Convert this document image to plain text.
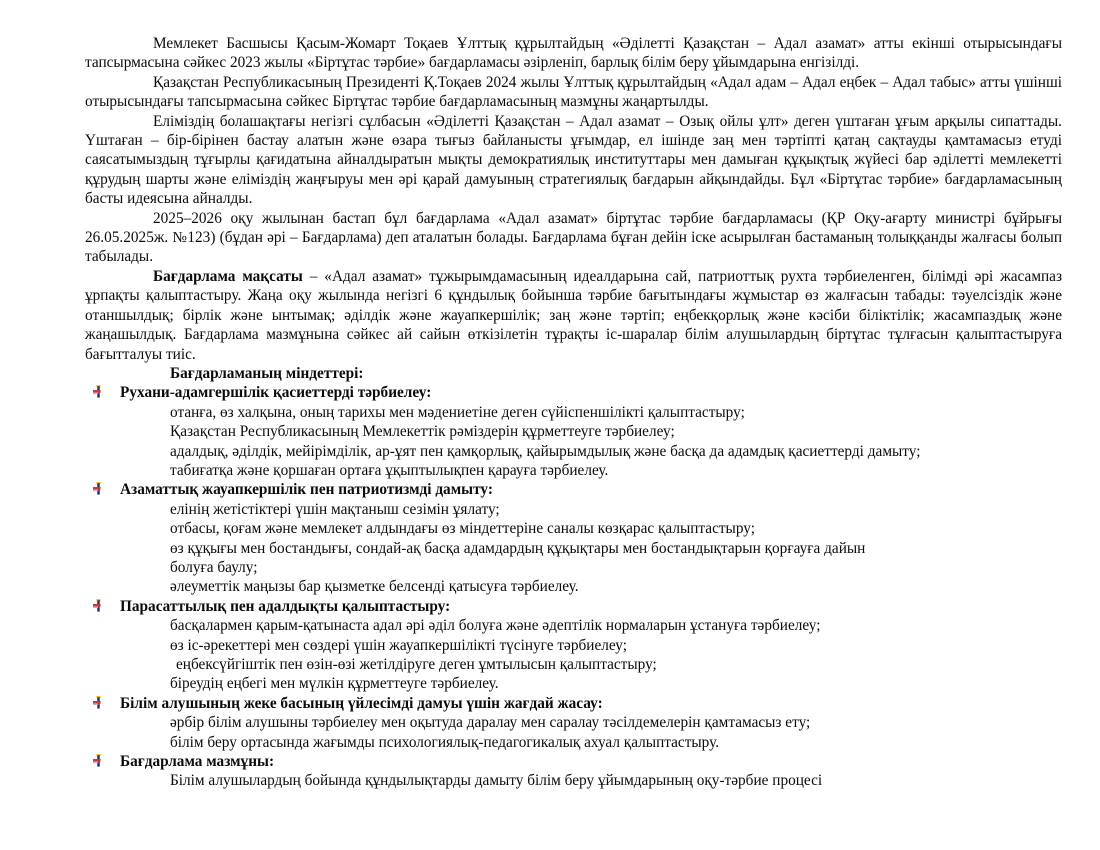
Мемлекет Басшысы Қасым-Жомарт Тоқаев Ұлттық құрылтайдың «Әділетті Қазақстан – Адал азамат» атты екінші отырысындағы тапсырмасына сәйкес 2023 жылы «Біртұтас тәрбие» бағдарламасы әзірленіп, барлық білім беру ұйымдарына енгізілді.

Қазақстан Республикасының Президенті Қ.Тоқаев 2024 жылы Ұлттық құрылтайдың «Адал адам – Адал еңбек – Адал табыс» атты үшінші отырысындағы тапсырмасына сәйкес Біртұтас тәрбие бағдарламасының мазмұны жаңартылды.

Еліміздің болашақтағы негізгі сұлбасын «Әділетті Қазақстан – Адал азамат – Озық ойлы ұлт» деген үштаған ұғым арқылы сипаттады. Үштаған – бір-бірінен бастау алатын және өзара тығыз байланысты ұғымдар, ел ішінде заң мен тәртіпті қатаң сақтауды қамтамасыз етуді саясатымыздың тұғырлы қағидатына айналдыратын мықты демократиялық институттары мен дамыған құқықтық жүйесі бар әділетті мемлекетті құрудың шарты және еліміздің жаңғыруы мен әрі қарай дамуының стратегиялық бағдарын айқындайды. Бұл «Біртұтас тәрбие» бағдарламасының басты идеясына айналды.

2025–2026 оқу жылынан бастап бұл бағдарлама «Адал азамат» біртұтас тәрбие бағдарламасы (ҚР Оқу-ағарту министрі бұйрығы 26.05.2025ж. №123) (бұдан әрі – Бағдарлама) деп аталатын болады. Бағдарлама бұған дейін іске асырылған бастаманың толыққанды жалғасы болып табылады.

Бағдарлама мақсаты – «Адал азамат» тұжырымдамасының идеалдарына сай, патриоттық рухта тәрбиеленген, білімді әрі жасампаз ұрпақты қалыптастыру. Жаңа оқу жылында негізгі 6 құндылық бойынша тәрбие бағытындағы жұмыстар өз жалғасын табады: тәуелсіздік және отаншылдық; бірлік және ынтымақ; әділдік және жауапкершілік; заң және тәртіп; еңбекқорлық және кәсіби біліктілік; жасампаздық және жаңашылдық. Бағдарлама мазмұнына сәйкес ай сайын өткізілетін тұрақты іс-шаралар білім алушылардың біртұтас тұлғасын қалыптастыруға бағытталуы тиіс.

Бағдарламаның міндеттері:
Рухани-адамгершілік қасиеттерді тәрбиелеу:
отанға, өз халқына, оның тарихы мен мәдениетіне деген сүйіспеншілікті қалыптастыру;
Қазақстан Республикасының Мемлекеттік рәміздерін құрметтеуге тәрбиелеу;
адалдық, әділдік, мейірімділік, ар-ұят пен қамқорлық, қайырымдылық және басқа да адамдық қасиеттерді дамыту;
табиғатқа және қоршаған ортаға ұқыптылықпен қарауға тәрбиелеу.
Азаматтық жауапкершілік пен патриотизмді дамыту:
елінің жетістіктері үшін мақтаныш сезімін ұялату;
отбасы, қоғам және мемлекет алдындағы өз міндеттеріне саналы көзқарас қалыптастыру;
өз құқығы мен бостандығы, сондай-ақ басқа адамдардың құқықтары мен бостандықтарын қорғауға дайын
болуға баулу;
әлеуметтік маңызы бар қызметке белсенді қатысуға тәрбиелеу.
Парасаттылық пен адалдықты қалыптастыру:
басқалармен қарым-қатынаста адал әрі әділ болуға және әдептілік нормаларын ұстануға тәрбиелеу;
өз іс-әрекеттері мен сөздері үшін жауапкершілікті түсінуге тәрбиелеу;
еңбексүйгіштік пен өзін-өзі жетілдіруге деген ұмтылысын қалыптастыру;
біреудің еңбегі мен мүлкін құрметтеуге тәрбиелеу.
Білім алушының жеке басының үйлесімді дамуы үшін жағдай жасау:
әрбір білім алушыны тәрбиелеу мен оқытуда даралау мен саралау тәсілдемелерін қамтамасыз ету;
білім беру ортасында жағымды психологиялық-педагогикалық ахуал қалыптастыру.
Бағдарлама мазмұны:
Білім алушылардың бойында құндылықтарды дамыту білім беру ұйымдарының оқу-тәрбие процесі
